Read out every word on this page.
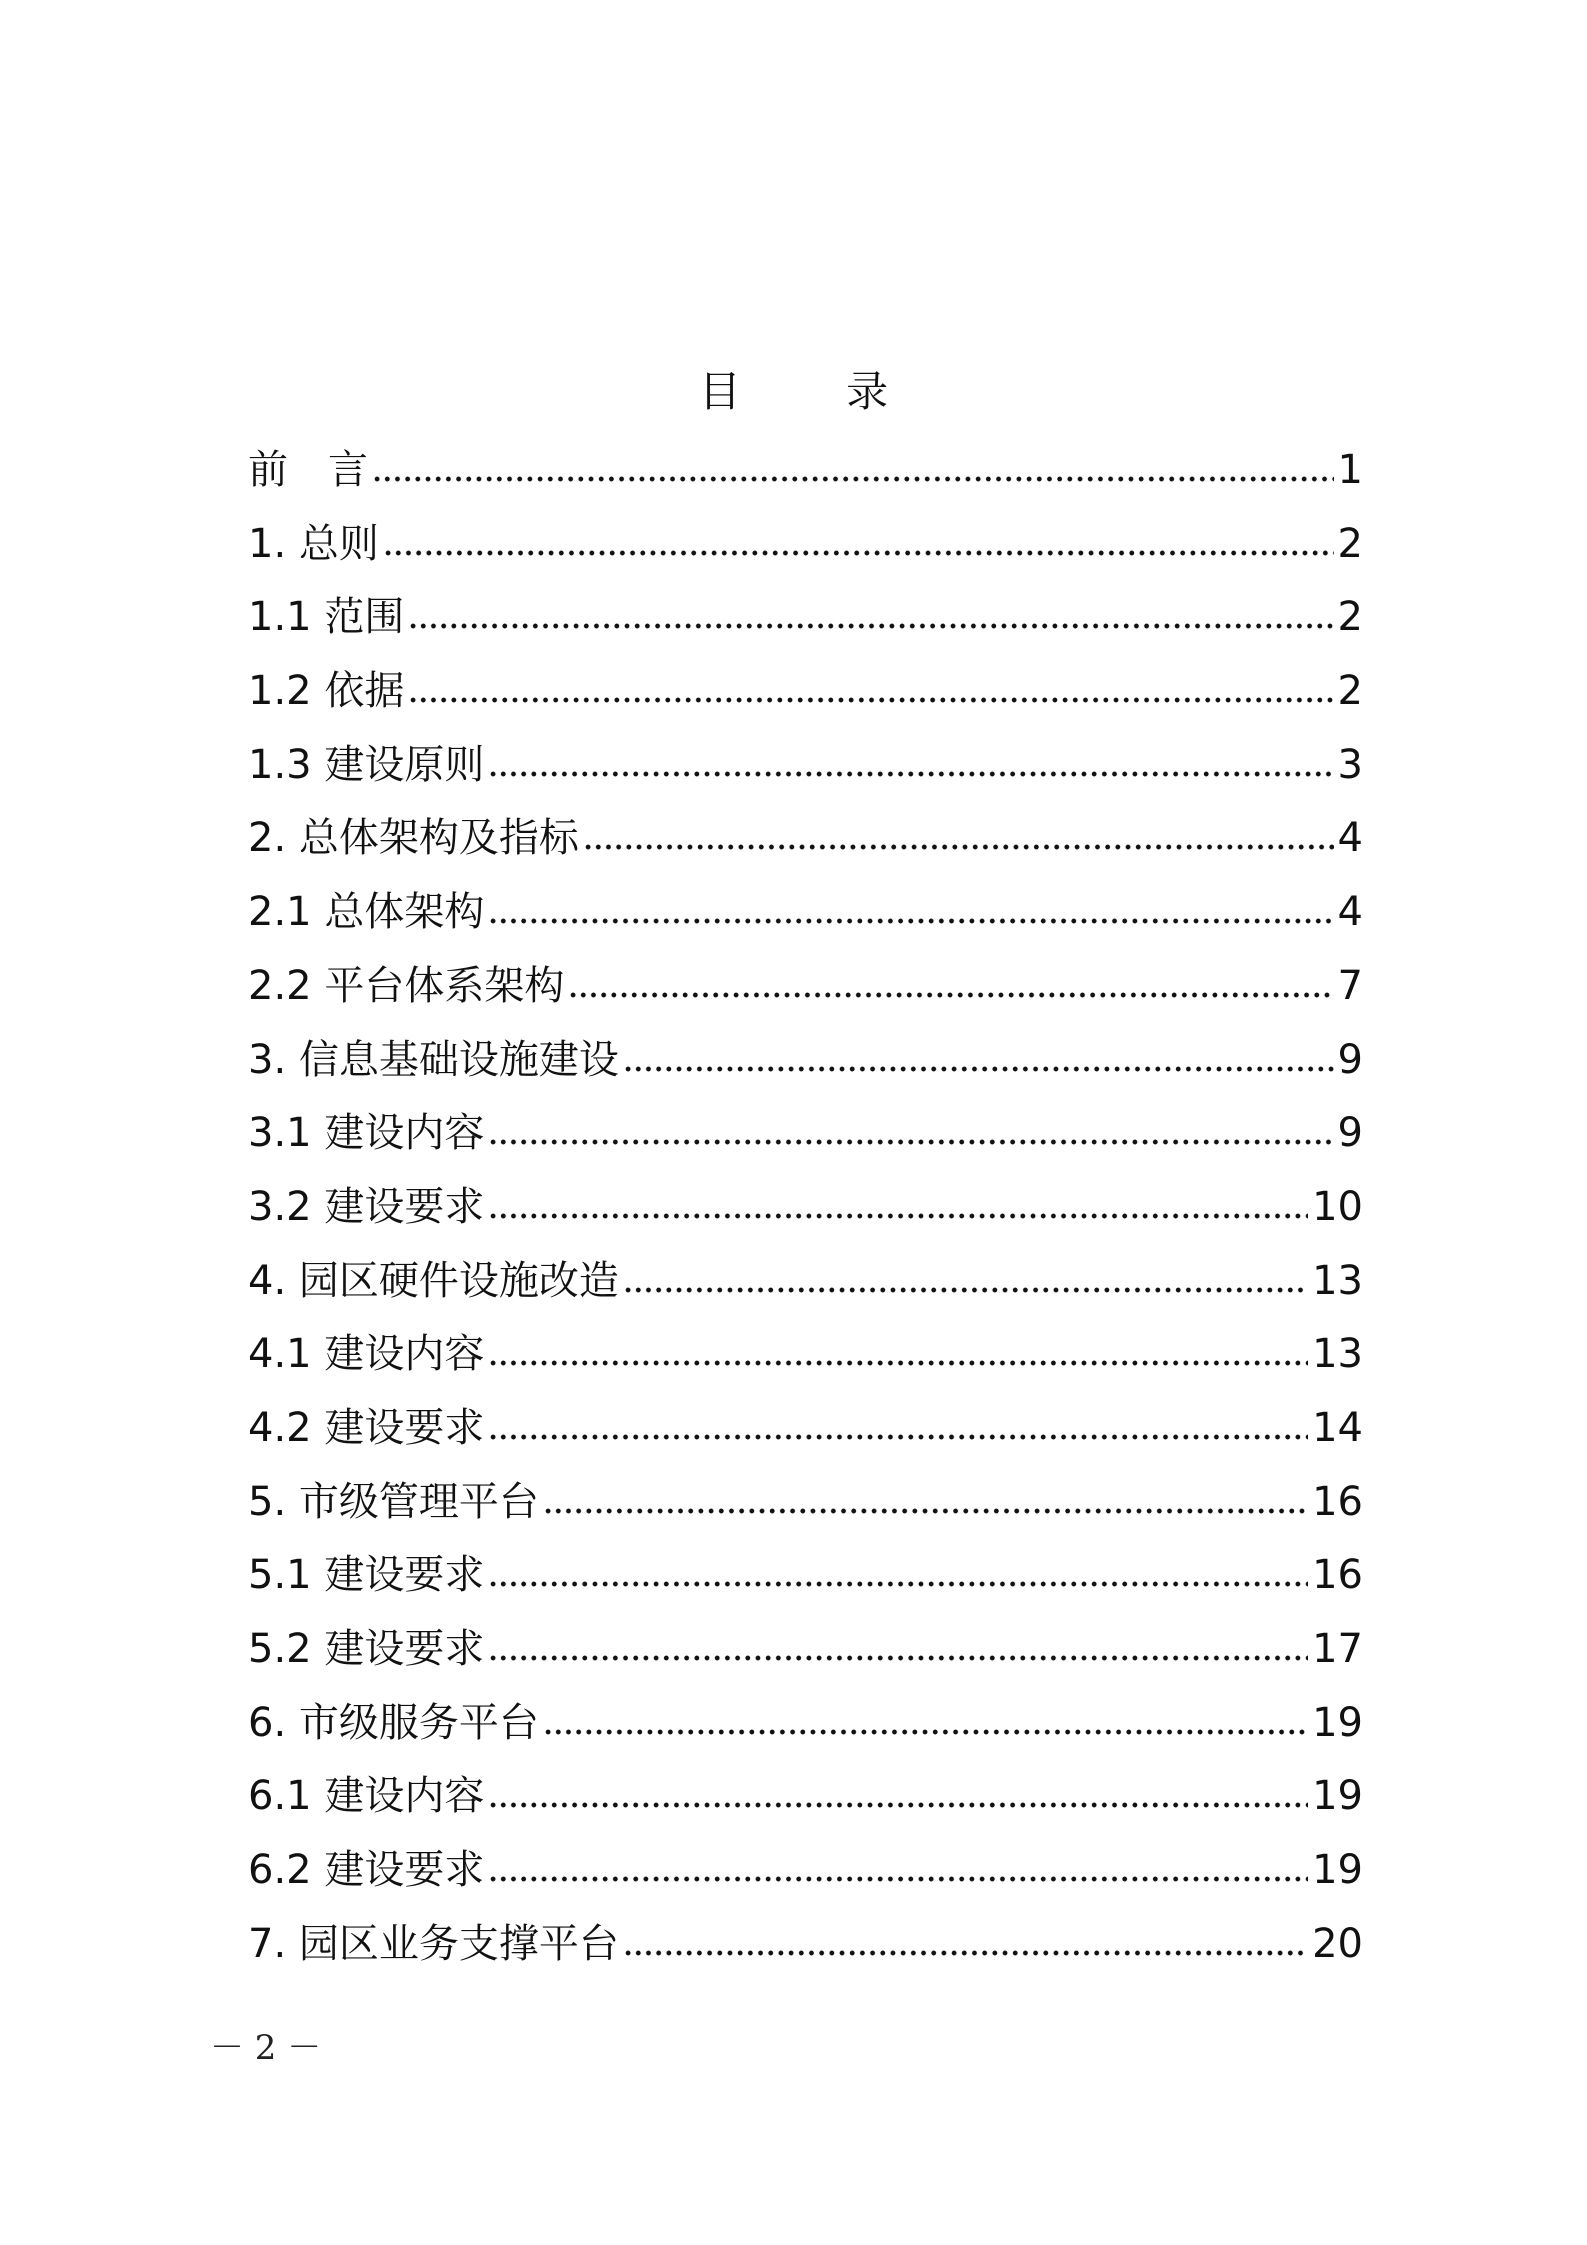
目 录
前　言	1
1. 总则	2
1.1 范围	2
1.2 依据	2
1.3 建设原则	3
2. 总体架构及指标	4
2.1 总体架构	4
2.2 平台体系架构	7
3. 信息基础设施建设	9
3.1 建设内容	9
3.2 建设要求	10
4. 园区硬件设施改造	13
4.1 建设内容	13
4.2 建设要求	14
5. 市级管理平台	16
5.1 建设要求	16
5.2 建设要求	17
6. 市级服务平台	19
6.1 建设内容	19
6.2 建设要求	19
7. 园区业务支撑平台	20
－ 2 －
